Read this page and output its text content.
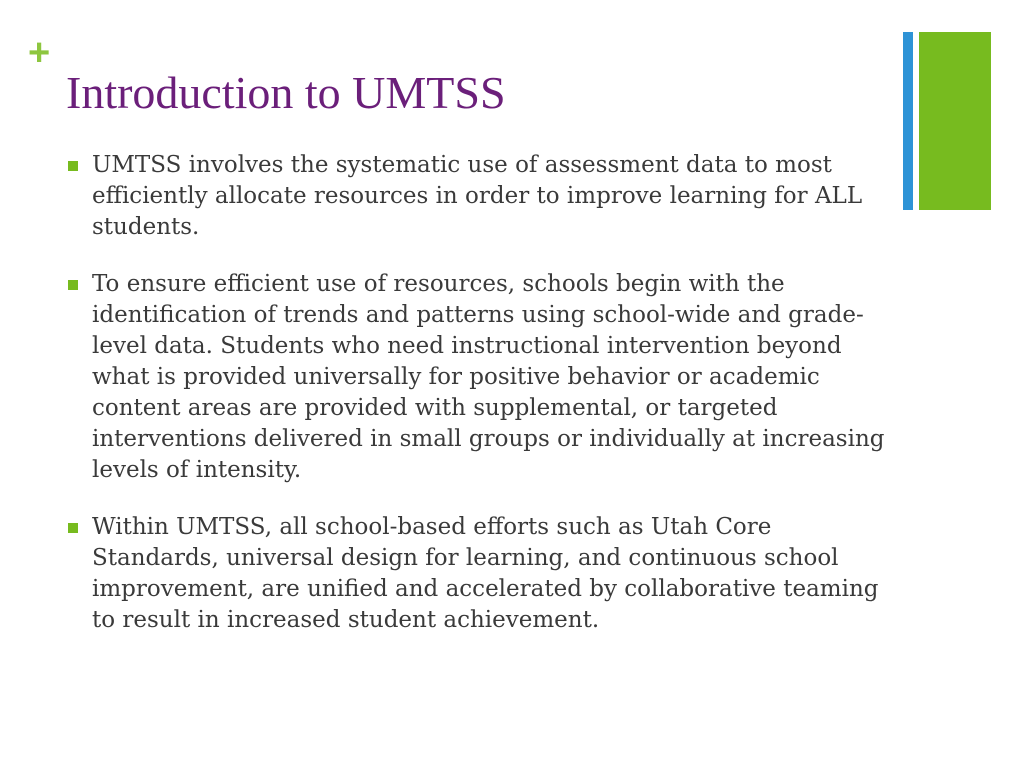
+
Introduction to UMTSS
UMTSS involves the systematic use of assessment data to most efficiently allocate resources in order to improve learning for ALL students.
To ensure efficient use of resources, schools begin with the identification of trends and patterns using school-wide and grade-level data. Students who need instructional intervention beyond what is provided universally for positive behavior or academic content areas are provided with supplemental, or targeted interventions delivered in small groups or individually at increasing levels of intensity.
Within UMTSS, all school-based efforts such as Utah Core Standards, universal design for learning, and continuous school improvement, are unified and accelerated by collaborative teaming to result in increased student achievement.
